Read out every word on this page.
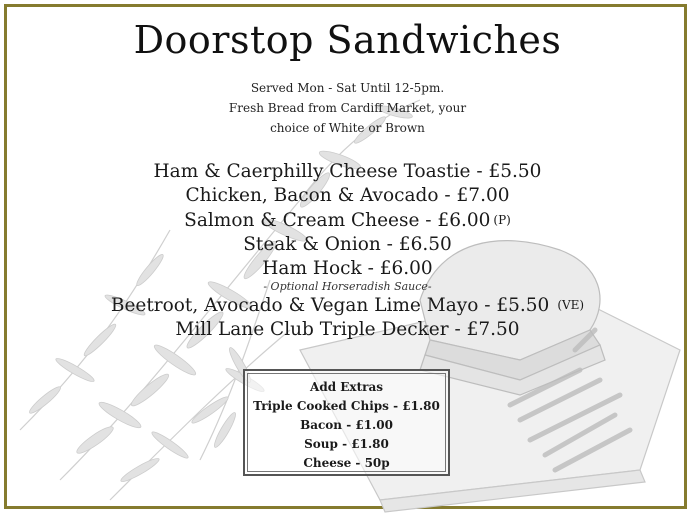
Doorstop Sandwiches
Served Mon - Sat Until 12-5pm.
Fresh Bread from Cardiff Market, your
choice of White or Brown
Ham & Caerphilly Cheese Toastie - £5.50
Chicken, Bacon & Avocado - £7.00
Salmon & Cream Cheese - £6.00 (P)
Steak & Onion - £6.50
Ham Hock - £6.00
- Optional Horseradish Sauce-
Beetroot, Avocado & Vegan Lime Mayo - £5.50 (VE)
Mill Lane Club Triple Decker - £7.50
Add Extras
Triple Cooked Chips - £1.80
Bacon - £1.00
Soup - £1.80
Cheese - 50p
